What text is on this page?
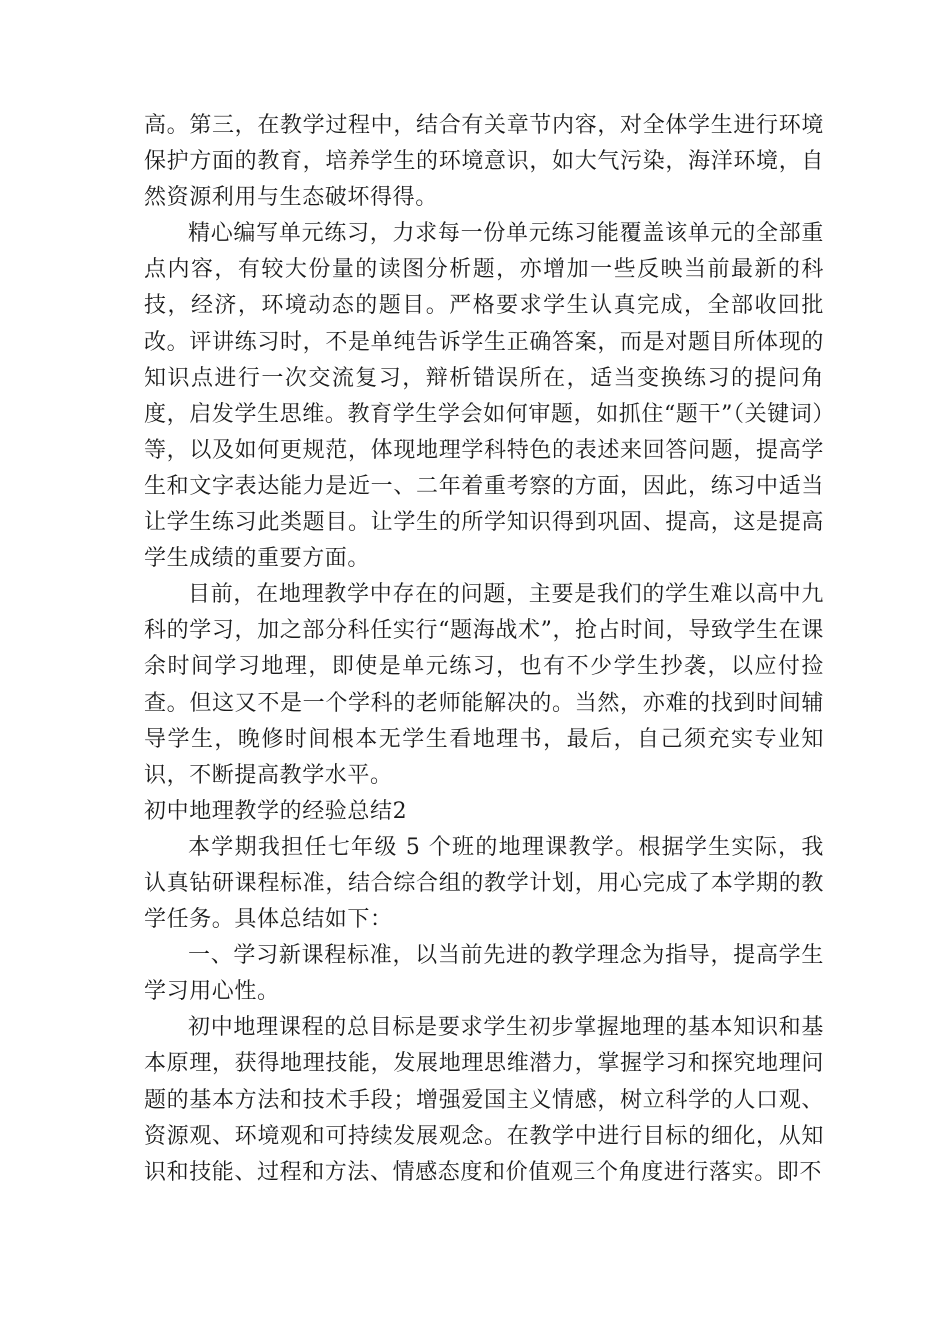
高。第三，在教学过程中，结合有关章节内容，对全体学生进行环境保护方面的教育，培养学生的环境意识，如大气污染，海洋环境，自然资源利用与生态破坏得得。

精心编写单元练习，力求每一份单元练习能覆盖该单元的全部重点内容，有较大份量的读图分析题，亦增加一些反映当前最新的科技，经济，环境动态的题目。严格要求学生认真完成，全部收回批改。评讲练习时，不是单纯告诉学生正确答案，而是对题目所体现的知识点进行一次交流复习，辩析错误所在，适当变换练习的提问角度，启发学生思维。教育学生学会如何审题，如抓住“题干”（关键词）等，以及如何更规范，体现地理学科特色的表述来回答问题，提高学生和文字表达能力是近一、二年着重考察的方面，因此，练习中适当让学生练习此类题目。让学生的所学知识得到巩固、提高，这是提高学生成绩的重要方面。

目前，在地理教学中存在的问题，主要是我们的学生难以高中九科的学习，加之部分科任实行“题海战术”，抢占时间，导致学生在课余时间学习地理，即使是单元练习，也有不少学生抄袭，以应付捡查。但这又不是一个学科的老师能解决的。当然，亦难的找到时间辅导学生，晚修时间根本无学生看地理书，最后，自己须充实专业知识，不断提高教学水平。

初中地理教学的经验总结2

本学期我担任七年级 5 个班的地理课教学。根据学生实际，我认真钻研课程标准，结合综合组的教学计划，用心完成了本学期的教学任务。具体总结如下：

一、学习新课程标准，以当前先进的教学理念为指导，提高学生学习用心性。

初中地理课程的总目标是要求学生初步掌握地理的基本知识和基本原理，获得地理技能，发展地理思维潜力，掌握学习和探究地理问题的基本方法和技术手段；增强爱国主义情感，树立科学的人口观、资源观、环境观和可持续发展观念。在教学中进行目标的细化，从知识和技能、过程和方法、情感态度和价值观三个角度进行落实。即不
